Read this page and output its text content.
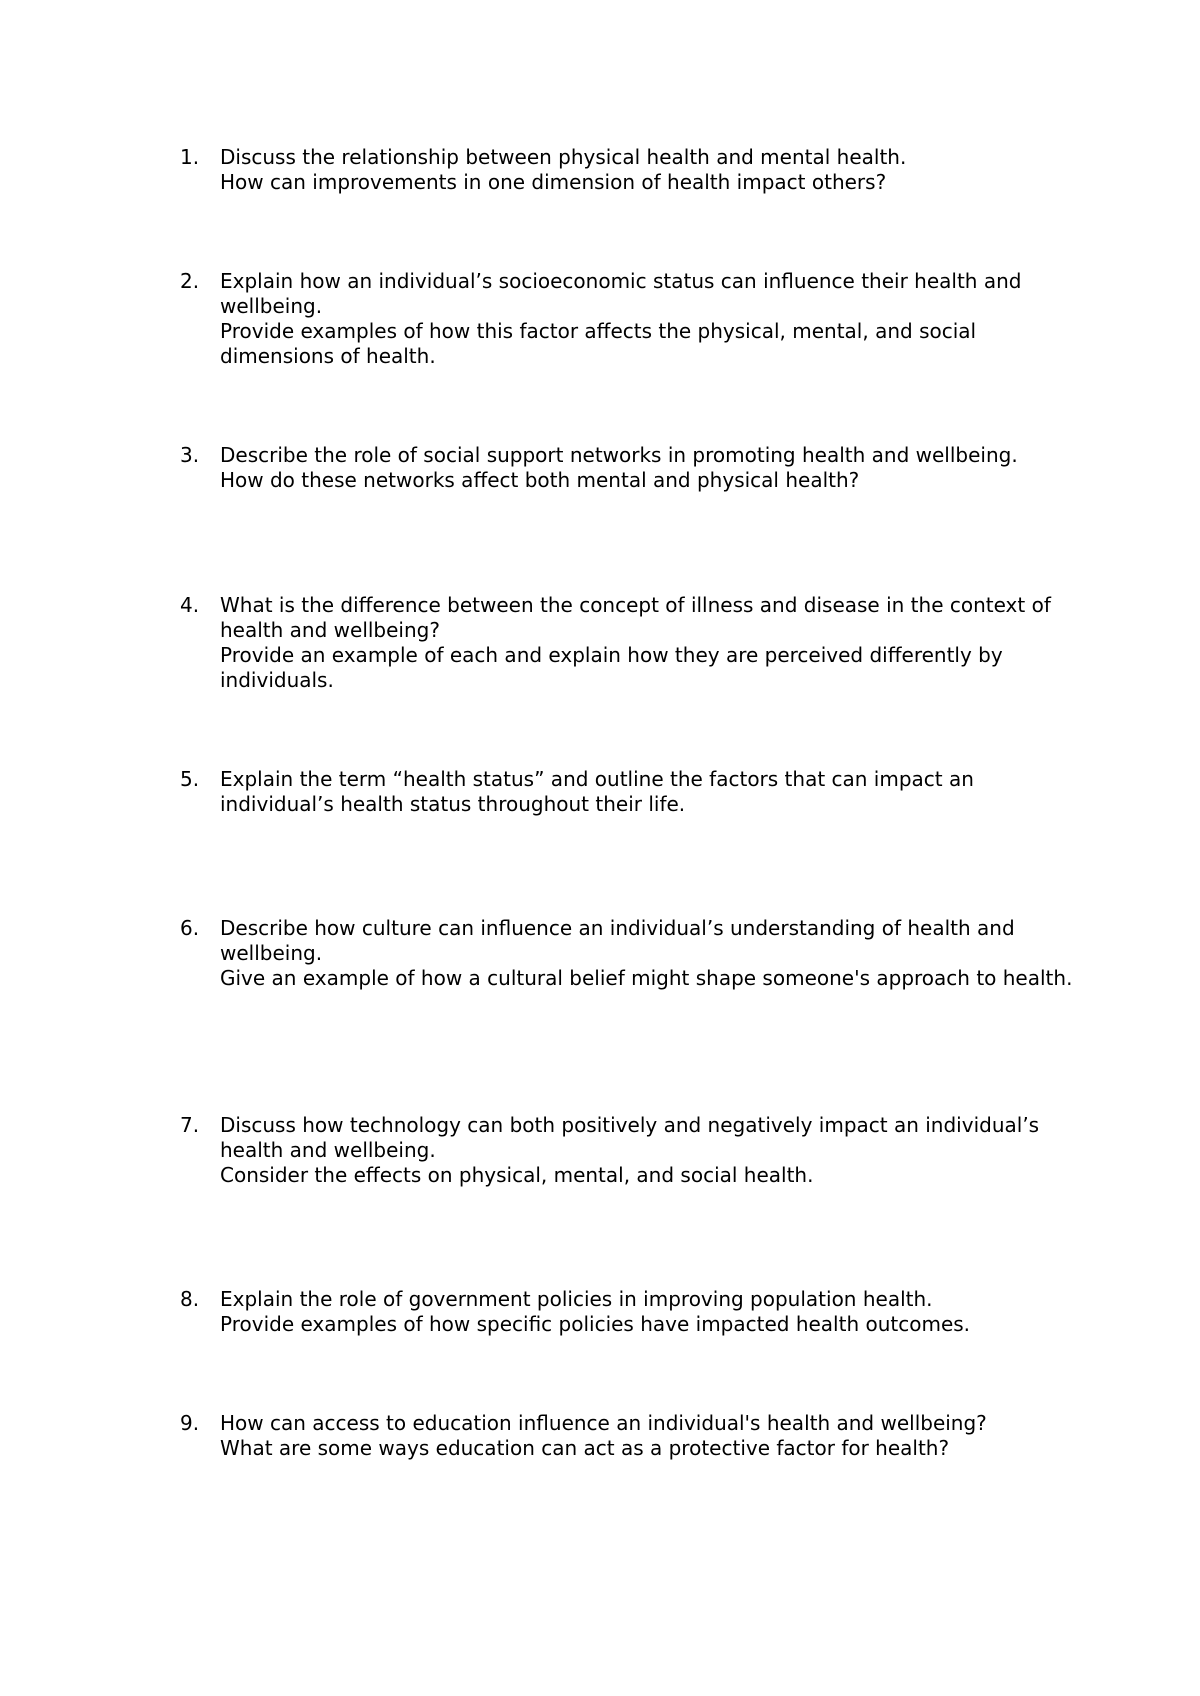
1.	Discuss the relationship between physical health and mental health.
How can improvements in one dimension of health impact others?
2.	Explain how an individual’s socioeconomic status can influence their health and wellbeing.
Provide examples of how this factor affects the physical, mental, and social dimensions of health.
3.	Describe the role of social support networks in promoting health and wellbeing.
How do these networks affect both mental and physical health?
4.	What is the difference between the concept of illness and disease in the context of health and wellbeing?
Provide an example of each and explain how they are perceived differently by individuals.
5.	Explain the term “health status” and outline the factors that can impact an individual’s health status throughout their life.
6.	Describe how culture can influence an individual’s understanding of health and wellbeing.
Give an example of how a cultural belief might shape someone's approach to health.
7.	Discuss how technology can both positively and negatively impact an individual’s health and wellbeing.
Consider the effects on physical, mental, and social health.
8.	Explain the role of government policies in improving population health.
Provide examples of how specific policies have impacted health outcomes.
9.	How can access to education influence an individual's health and wellbeing?
What are some ways education can act as a protective factor for health?
